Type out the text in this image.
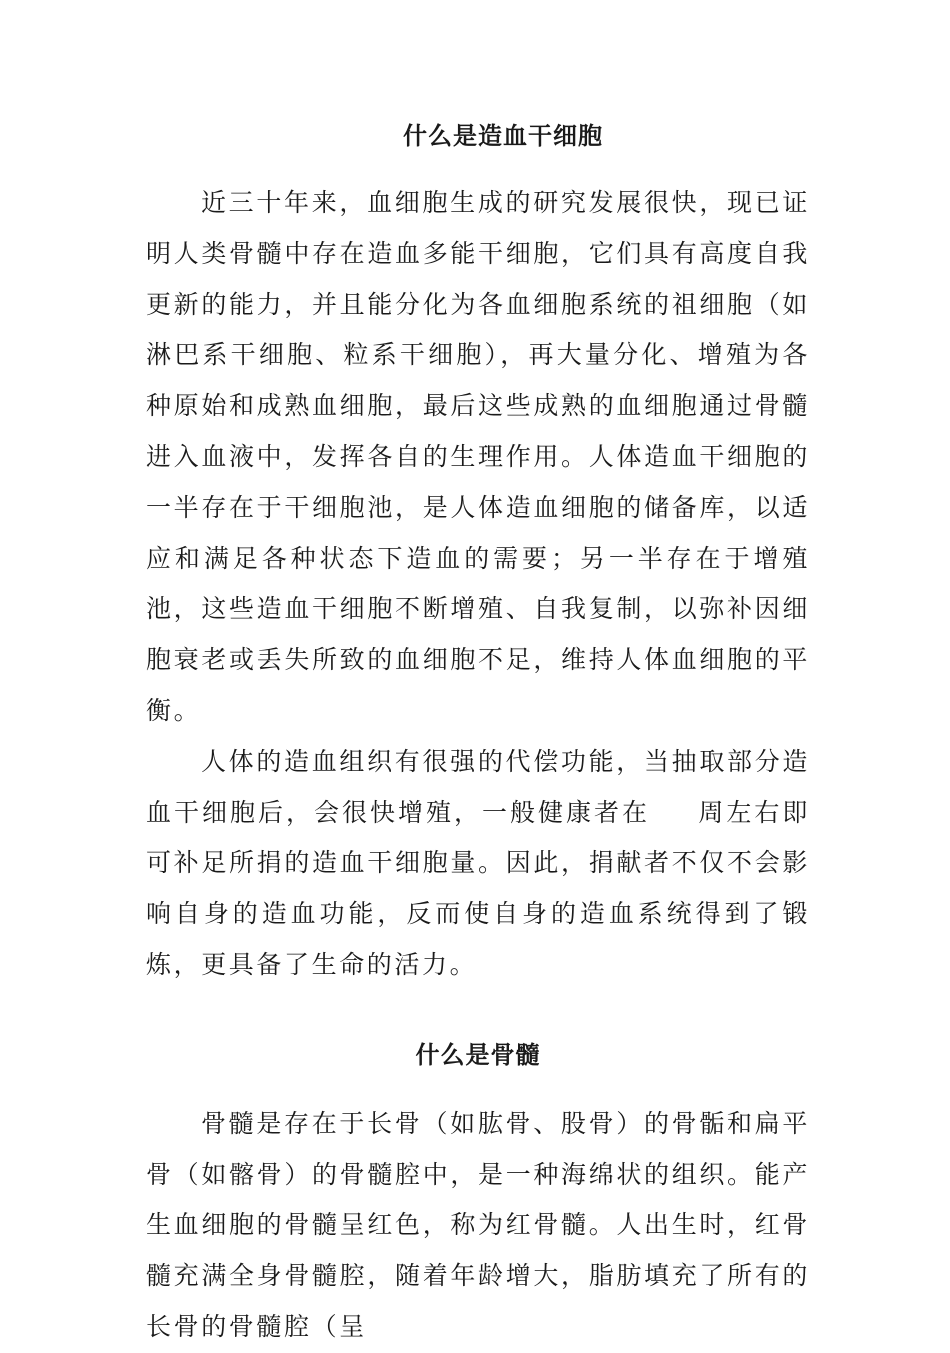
什么是造血干细胞

近三十年来，血细胞生成的研究发展很快，现已证明人类骨髓中存在造血多能干细胞，它们具有高度自我更新的能力，并且能分化为各血细胞系统的祖细胞（如淋巴系干细胞、粒系干细胞），再大量分化、增殖为各种原始和成熟血细胞，最后这些成熟的血细胞通过骨髓进入血液中，发挥各自的生理作用。人体造血干细胞的一半存在于干细胞池，是人体造血细胞的储备库，以适应和满足各种状态下造血的需要；另一半存在于增殖池，这些造血干细胞不断增殖、自我复制，以弥补因细胞衰老或丢失所致的血细胞不足，维持人体血细胞的平衡。

人体的造血组织有很强的代偿功能，当抽取部分造血干细胞后，会很快增殖，一般健康者在 周左右即可补足所捐的造血干细胞量。因此，捐献者不仅不会影响自身的造血功能，反而使自身的造血系统得到了锻炼，更具备了生命的活力。

什么是骨髓

骨髓是存在于长骨（如肱骨、股骨）的骨骺和扁平骨（如髂骨）的骨髓腔中，是一种海绵状的组织。能产生血细胞的骨髓呈红色，称为红骨髓。人出生时，红骨髓充满全身骨髓腔，随着年龄增大，脂肪填充了所有的长骨的骨髓腔（呈
